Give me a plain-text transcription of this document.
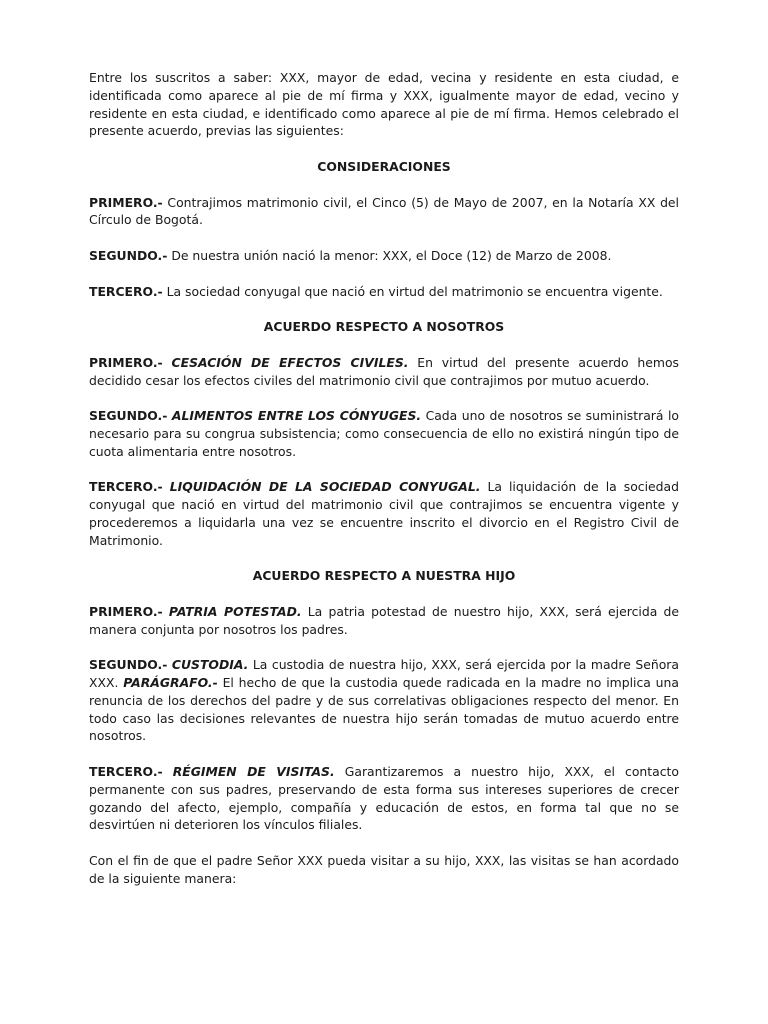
Entre los suscritos a saber: XXX, mayor de edad, vecina y residente en esta ciudad, e identificada como aparece al pie de mí firma y XXX, igualmente mayor de edad, vecino y residente en esta ciudad, e identificado como aparece al pie de mí firma. Hemos celebrado el presente acuerdo, previas las siguientes:

CONSIDERACIONES

PRIMERO.- Contrajimos matrimonio civil, el Cinco (5) de Mayo de 2007, en la Notaría XX del Círculo de Bogotá.

SEGUNDO.- De nuestra unión nació la menor: XXX, el Doce (12) de Marzo de 2008.

TERCERO.- La sociedad conyugal que nació en virtud del matrimonio se encuentra vigente.

ACUERDO RESPECTO A NOSOTROS

PRIMERO.- CESACIÓN DE EFECTOS CIVILES. En virtud del presente acuerdo hemos decidido cesar los efectos civiles del matrimonio civil que contrajimos por mutuo acuerdo.

SEGUNDO.- ALIMENTOS ENTRE LOS CÓNYUGES. Cada uno de nosotros se suministrará lo necesario para su congrua subsistencia; como consecuencia de ello no existirá ningún tipo de cuota alimentaria entre nosotros.

TERCERO.- LIQUIDACIÓN DE LA SOCIEDAD CONYUGAL. La liquidación de la sociedad conyugal que nació en virtud del matrimonio civil que contrajimos se encuentra vigente y procederemos a liquidarla una vez se encuentre inscrito el divorcio en el Registro Civil de Matrimonio.

ACUERDO RESPECTO A NUESTRA HIJO

PRIMERO.- PATRIA POTESTAD. La patria potestad de nuestro hijo, XXX, será ejercida de manera conjunta por nosotros los padres.

SEGUNDO.- CUSTODIA. La custodia de nuestra hijo, XXX, será ejercida por la madre Señora XXX. PARÁGRAFO.- El hecho de que la custodia quede radicada en la madre no implica una renuncia de los derechos del padre y de sus correlativas obligaciones respecto del menor. En todo caso las decisiones relevantes de nuestra hijo serán tomadas de mutuo acuerdo entre nosotros.

TERCERO.- RÉGIMEN DE VISITAS. Garantizaremos a nuestro hijo, XXX, el contacto permanente con sus padres, preservando de esta forma sus intereses superiores de crecer gozando del afecto, ejemplo, compañía y educación de estos, en forma tal que no se desvirtúen ni deterioren los vínculos filiales.

Con el fin de que el padre Señor XXX pueda visitar a su hijo, XXX, las visitas se han acordado de la siguiente manera:
